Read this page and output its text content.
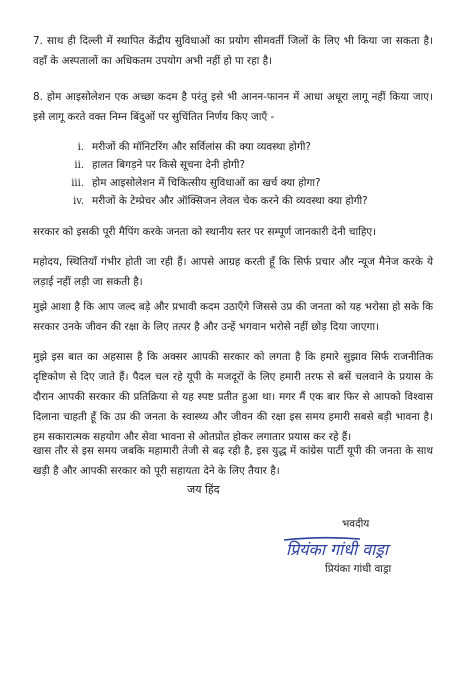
7. साथ ही दिल्ली में स्थापित केंद्रीय सुविधाओं का प्रयोग सीमवर्ती जिलों के लिए भी किया जा सकता है। वहाँ के अस्पतालों का अधिकतम उपयोग अभी नहीं हो पा रहा है।

8. होम आइसोलेशन एक अच्छा कदम है परंतु इसे भी आनन-फानन में आधा अधूरा लागू नहीं किया जाए। इसे लागू करते वक्त निम्न बिंदुओं पर सुचिंतित निर्णय किए जाएँ -

i. मरीजों की मॉनिटरिंग और सर्विलांस की क्या व्यवस्था होगी?
ii. हालत बिगड़ने पर किसे सूचना देनी होगी?
iii. होम आइसोलेशन में चिकित्सीय सुविधाओं का खर्च क्या होगा?
iv. मरीजों के टेम्प्रेचर और ऑक्सिजन लेवल चेक करने की व्यवस्था क्या होगी?

सरकार को इसकी पूरी मैपिंग करके जनता को स्थानीय स्तर पर सम्पूर्ण जानकारी देनी चाहिए।

महोदय, स्थितियाँ गंभीर होती जा रही हैं। आपसे आग्रह करती हूँ कि सिर्फ प्रचार और न्यूज मैनेज करके ये लड़ाई नहीं लड़ी जा सकती है।

मुझे आशा है कि आप जल्द बड़े और प्रभावी कदम उठाएँगे जिससे उप्र की जनता को यह भरोसा हो सके कि सरकार उनके जीवन की रक्षा के लिए तत्पर है और उन्हें भगवान भरोसे नहीं छोड़ दिया जाएगा।

मुझे इस बात का अहसास है कि अक्सर आपकी सरकार को लगता है कि हमारे सुझाव सिर्फ राजनीतिक दृष्टिकोण से दिए जाते हैं। पैदल चल रहे यूपी के मजदूरों के लिए हमारी तरफ से बसें चलवाने के प्रयास के दौरान आपकी सरकार की प्रतिक्रिया से यह स्पष्ट प्रतीत हुआ था। मगर मैं एक बार फिर से आपको विश्वास दिलाना चाहती हूँ कि उप्र की जनता के स्वास्थ्य और जीवन की रक्षा इस समय हमारी सबसे बड़ी भावना है। हम सकारात्मक सहयोग और सेवा भावना से ओतप्रोत होकर लगातार प्रयास कर रहे हैं।

खास तौर से इस समय जबकि महामारी तेजी से बढ़ रही है, इस युद्ध में कांग्रेस पार्टी यूपी की जनता के साथ खड़ी है और आपकी सरकार को पूरी सहायता देने के लिए तैयार है।

जय हिंद
भवदीय
प्रियंका गांधी वाड्रा
प्रियंका गांधी वाड्रा
